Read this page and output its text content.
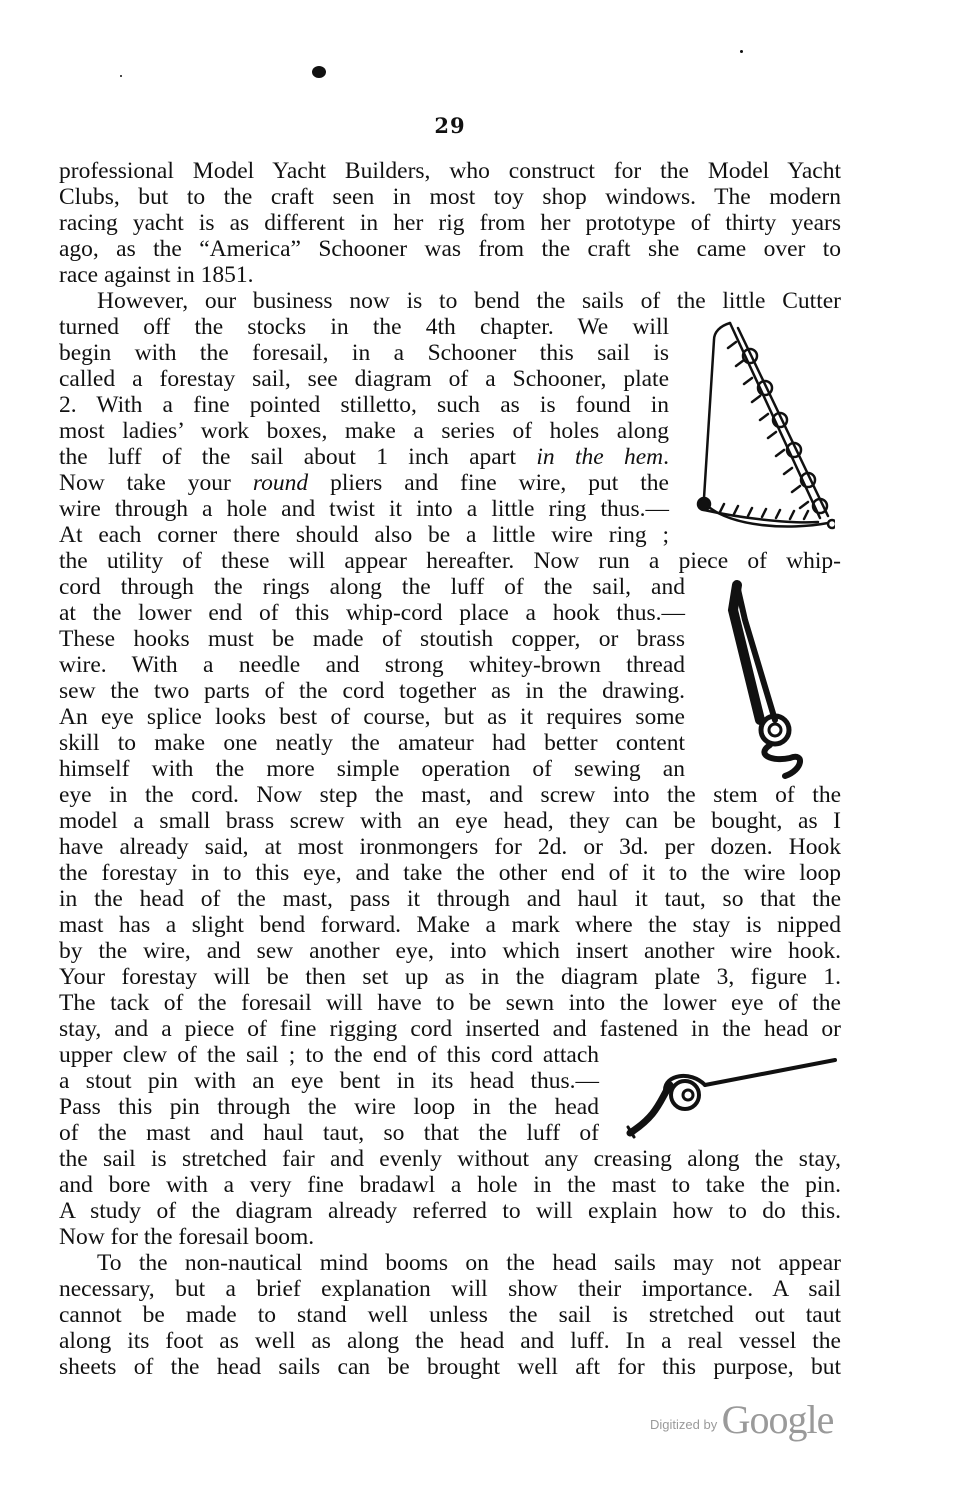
29
professional Model Yacht Builders, who construct for the Model Yacht
Clubs, but to the craft seen in most toy shop windows. The modern
racing yacht is as different in her rig from her prototype of thirty years
ago, as the “America” Schooner was from the craft she came over to
race against in 1851.
However, our business now is to bend the sails of the little Cutter
turned off the stocks in the 4th chapter. We will
begin with the foresail, in a Schooner this sail is
called a forestay sail, see diagram of a Schooner, plate
2. With a fine pointed stilletto, such as is found in
most ladies’ work boxes, make a series of holes along
the luff of the sail about 1 inch apart in the hem.
Now take your round pliers and fine wire, put the
wire through a hole and twist it into a little ring thus.—
At each corner there should also be a little wire ring ;
the utility of these will appear hereafter. Now run a piece of whip-
cord through the rings along the luff of the sail, and
at the lower end of this whip-cord place a hook thus.—
These hooks must be made of stoutish copper, or brass
wire. With a needle and strong whitey-brown thread
sew the two parts of the cord together as in the drawing.
An eye splice looks best of course, but as it requires some
skill to make one neatly the amateur had better content
himself with the more simple operation of sewing an
eye in the cord. Now step the mast, and screw into the stem of the
model a small brass screw with an eye head, they can be bought, as I
have already said, at most ironmongers for 2d. or 3d. per dozen. Hook
the forestay in to this eye, and take the other end of it to the wire loop
in the head of the mast, pass it through and haul it taut, so that the
mast has a slight bend forward. Make a mark where the stay is nipped
by the wire, and sew another eye, into which insert another wire hook.
Your forestay will be then set up as in the diagram plate 3, figure 1.
The tack of the foresail will have to be sewn into the lower eye of the
stay, and a piece of fine rigging cord inserted and fastened in the head or
upper clew of the sail ; to the end of this cord attach
a stout pin with an eye bent in its head thus.—
Pass this pin through the wire loop in the head
of the mast and haul taut, so that the luff of
the sail is stretched fair and evenly without any creasing along the stay,
and bore with a very fine bradawl a hole in the mast to take the pin.
A study of the diagram already referred to will explain how to do this.
Now for the foresail boom.
To the non-nautical mind booms on the head sails may not appear
necessary, but a brief explanation will show their importance. A sail
cannot be made to stand well unless the sail is stretched out taut
along its foot as well as along the head and luff. In a real vessel the
sheets of the head sails can be brought well aft for this purpose, but
$^{Digitized by}$ Google
